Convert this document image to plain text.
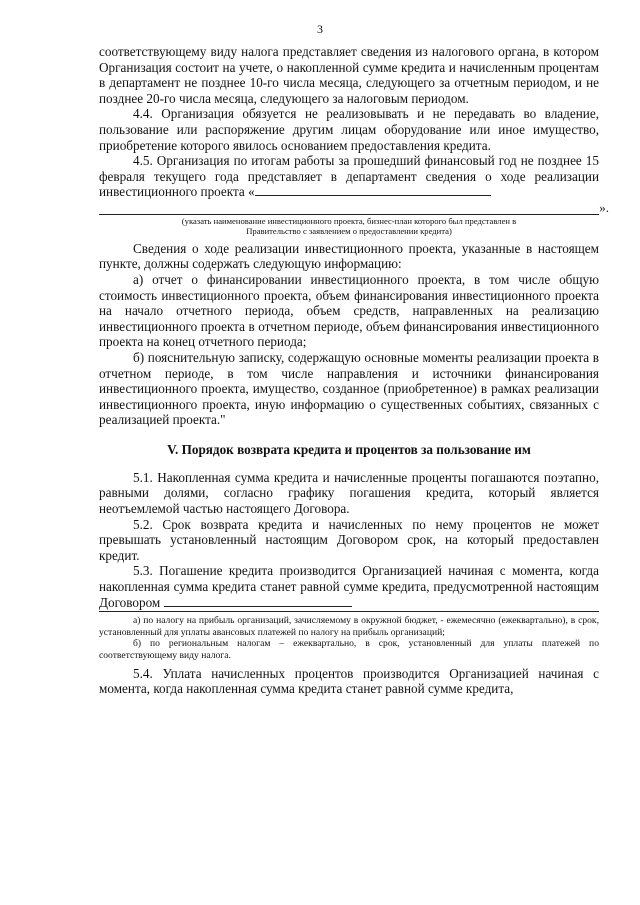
3

соответствующему виду налога представляет сведения из налогового органа, в котором Организация состоит на учете, о накопленной сумме кредита и начисленным процентам в департамент не позднее 10-го числа месяца, следующего за отчетным периодом, и не позднее 20-го числа месяца, следующего за налоговым периодом.

4.4. Организация обязуется не реализовывать и не передавать во владение, пользование или распоряжение другим лицам оборудование или иное имущество, приобретение которого явилось основанием предоставления кредита.

4.5. Организация по итогам работы за прошедший финансовый год не позднее 15 февраля текущего года представляет в департамент сведения о ходе реализации инвестиционного проекта «

».
(указать наименование инвестиционного проекта, бизнес-план которого был представлен в
Правительство с заявлением о предоставлении кредита)

Сведения о ходе реализации инвестиционного проекта, указанные в настоящем пункте, должны содержать следующую информацию:

а) отчет о финансировании инвестиционного проекта, в том числе общую стоимость инвестиционного проекта, объем финансирования инвестиционного проекта на начало отчетного периода, объем средств, направленных на реализацию инвестиционного проекта в отчетном периоде, объем финансирования инвестиционного проекта на конец отчетного периода;

б) пояснительную записку, содержащую основные моменты реализации проекта в отчетном периоде, в том числе направления и источники финансирования инвестиционного проекта, имущество, созданное (приобретенное) в рамках реализации инвестиционного проекта, иную информацию о существенных событиях, связанных с реализацией проекта."

V. Порядок возврата кредита и процентов за пользование им

5.1. Накопленная сумма кредита и начисленные проценты погашаются поэтапно, равными долями, согласно графику погашения кредита, который является неотъемлемой частью настоящего Договора.

5.2. Срок возврата кредита и начисленных по нему процентов не может превышать установленный настоящим Договором срок, на который предоставлен кредит.

5.3. Погашение кредита производится Организацией начиная с момента, когда накопленная сумма кредита станет равной сумме кредита, предусмотренной настоящим Договором

а) по налогу на прибыль организаций, зачисляемому в окружной бюджет, - ежемесячно (ежеквартально), в срок, установленный для уплаты авансовых платежей по налогу на прибыль организаций;

б) по региональным налогам – ежеквартально, в срок, установленный для уплаты платежей по соответствующему виду налога.

5.4. Уплата начисленных процентов производится Организацией начиная с момента, когда накопленная сумма кредита станет равной сумме кредита,
